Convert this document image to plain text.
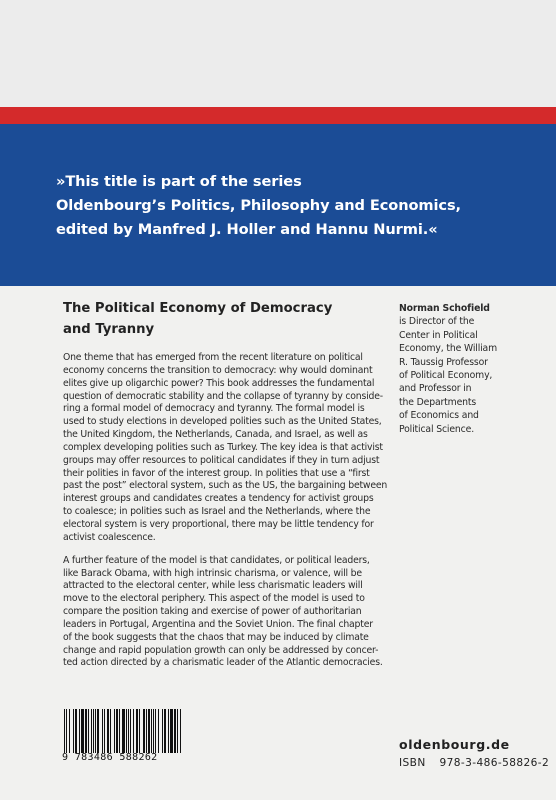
»This title is part of the series
Oldenbourg’s Politics, Philosophy and Economics,
edited by Manfred J. Holler and Hannu Nurmi.«
The Political Economy of Democracy
and Tyranny
One theme that has emerged from the recent literature on political
economy concerns the transition to democracy: why would dominant
elites give up oligarchic power? This book addresses the fundamental
question of democratic stability and the collapse of tyranny by conside-
ring a formal model of democracy and tyranny. The formal model is
used to study elections in developed polities such as the United States,
the United Kingdom, the Netherlands, Canada, and Israel, as well as
complex developing polities such as Turkey. The key idea is that activist
groups may offer resources to political candidates if they in turn adjust
their polities in favor of the interest group. In polities that use a “first
past the post” electoral system, such as the US, the bargaining between
interest groups and candidates creates a tendency for activist groups
to coalesce; in polities such as Israel and the Netherlands, where the
electoral system is very proportional, there may be little tendency for
activist coalescence.
A further feature of the model is that candidates, or political leaders,
like Barack Obama, with high intrinsic charisma, or valence, will be
attracted to the electoral center, while less charismatic leaders will
move to the electoral periphery. This aspect of the model is used to
compare the position taking and exercise of power of authoritarian
leaders in Portugal, Argentina and the Soviet Union. The final chapter
of the book suggests that the chaos that may be induced by climate
change and rapid population growth can only be addressed by concer-
ted action directed by a charismatic leader of the Atlantic democracies.
Norman Schofield
is Director of the
Center in Political
Economy, the William
R. Taussig Professor
of Political Economy,
and Professor in
the Departments
of Economics and
Political Science.
9 783486 588262
oldenbourg.de
ISBN 978-3-486-58826-2
